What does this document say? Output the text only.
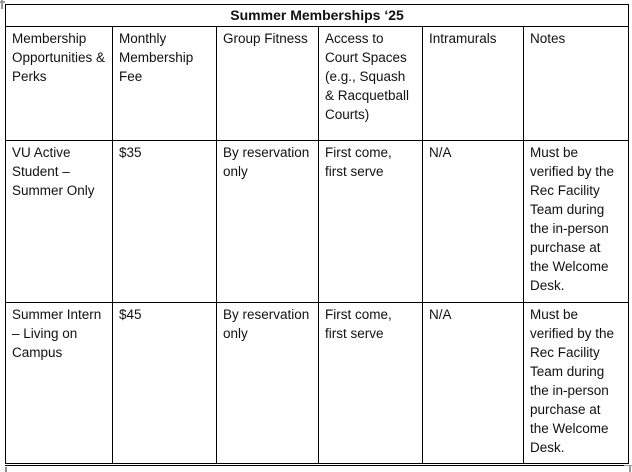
Summer Memberships ‘25					
Membership Opportunities & Perks	Monthly Membership Fee	Group Fitness	Access to Court Spaces (e.g., Squash & Racquetball Courts)	Intramurals	Notes
VU Active Student – Summer Only	$35	By reservation only	First come, first serve	N/A	Must be verified by the Rec Facility Team during the in-person purchase at the Welcome Desk.
Summer Intern – Living on Campus	$45	By reservation only	First come, first serve	N/A	Must be verified by the Rec Facility Team during the in-person purchase at the Welcome Desk.
